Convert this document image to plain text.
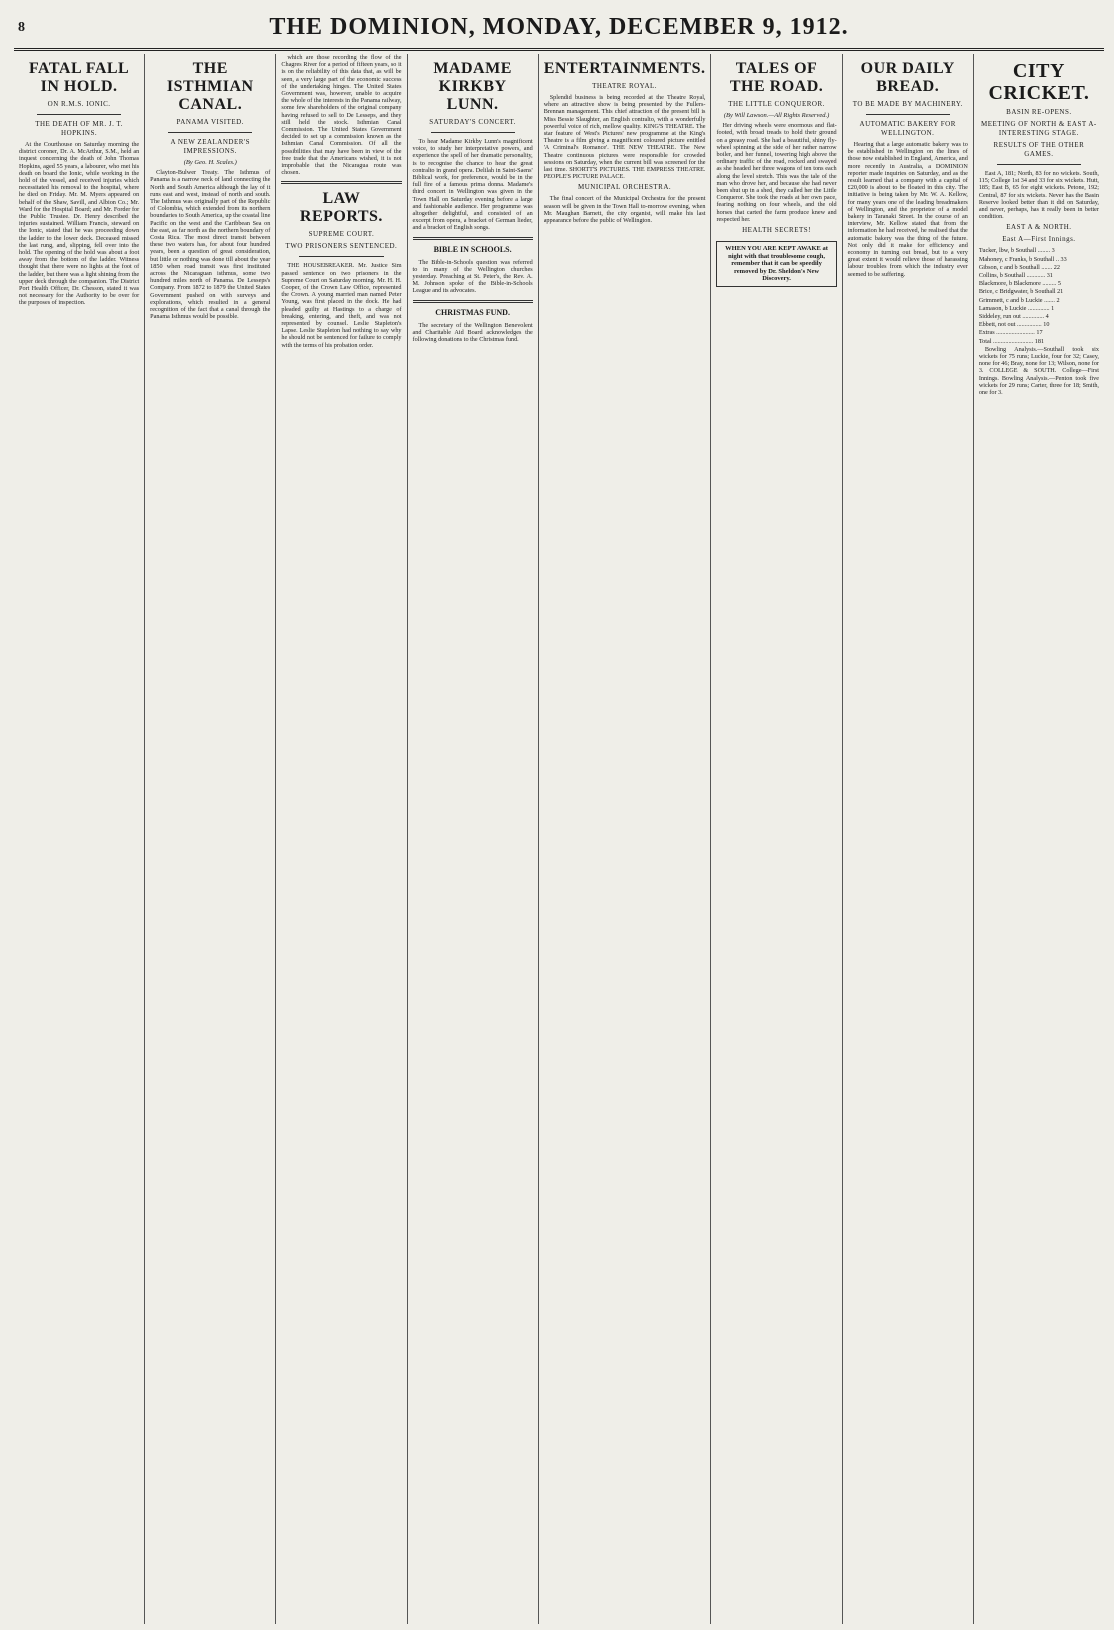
8	THE DOMINION, MONDAY, DECEMBER 9, 1912.
FATAL FALL IN HOLD.
ON R.M.S. IONIC.
THE DEATH OF MR. J. T. HOPKINS.
At the Courthouse on Saturday morning the district coroner, Dr. A. McArthur, S.M., held an inquest concerning the death of John Thomas Hopkins, aged 55 years, a labourer, who met his death on board the Ionic, while working in the hold of the vessel, and received injuries which necessitated his removal to the hospital, where he died on Friday. Mr. M. Myers appeared on behalf of the Shaw, Savill, and Albion Co.; Mr. Ward for the Hospital Board; and Mr. Forder for the Public Trustee. Dr. Henry described the injuries sustained. William Francis, steward on the Ionic, stated that he was proceeding down the ladder to the lower deck. Deceased missed the last rung, and, slipping, fell over into the hold. The opening of the hold was about a foot away from the bottom of the ladder. Witness thought that there were no lights at the foot of the ladder, but there was a light shining from the upper deck through the companion. The District Port Health Officer, Dr. Chesson, stated it was not necessary for the Authority to be over for the purposes of inspection.
THE ISTHMIAN CANAL.
PANAMA VISITED.
A NEW ZEALANDER'S IMPRESSIONS.
(By Geo. H. Scales.)
Clayton-Bulwer Treaty. The Isthmus of Panama is a narrow neck of land connecting the North and South America although the lay of it runs east and west, instead of north and south. The Isthmus was originally part of the Republic of Colombia, which extended from its northern boundaries to South America, up the coastal line Pacific on the west and the Caribbean Sea on the east, as far north as the northern boundary of Costa Rica. The most direct transit between these two waters has, for about four hundred years, been a question of great consideration, but little or nothing was done till about the year 1850 when road transit was first instituted across the Nicaraguan isthmus, some two hundred miles north of Panama. De Lesseps's Company. From 1872 to 1879 the United States Government pushed on with surveys and explorations, which resulted in a general recognition of the fact that a canal through the Panama Isthmus would be possible.
which are those recording the flow of the Chagres River for a period of fifteen years, so it is on the reliability of this data that, as will be seen, a very large part of the economic success of the undertaking hinges. The United States Government was, however, unable to acquire the whole of the interests in the Panama railway, some few shareholders of the original company having refused to sell to De Lesseps, and they still held the stock. Isthmian Canal Commission. The United States Government decided to set up a commission known as the Isthmian Canal Commission. Of all the possibilities that may have been in view of the free trade that the Americans wished, it is not improbable that the Nicaragua route was chosen.
LAW REPORTS.
SUPREME COURT.
TWO PRISONERS SENTENCED.
THE HOUSEBREAKER. Mr. Justice Sim passed sentence on two prisoners in the Supreme Court on Saturday morning. Mr. H. H. Cooper, of the Crown Law Office, represented the Crown. A young married man named Peter Young, was first placed in the dock. He had pleaded guilty at Hastings to a charge of breaking, entering, and theft, and was not represented by counsel. Leslie Stapleton's Lapse. Leslie Stapleton had nothing to say why he should not be sentenced for failure to comply with the terms of his probation order.
MADAME KIRKBY LUNN.
SATURDAY'S CONCERT.
To hear Madame Kirkby Lunn's magnificent voice, to study her interpretative powers, and experience the spell of her dramatic personality, is to recognise the chance to hear the great contralto in grand opera. Delilah in Saint-Saens' Biblical work, for preference, would be in the full fire of a famous prima donna. Madame's third concert in Wellington was given in the Town Hall on Saturday evening before a large and fashionable audience. Her programme was altogether delightful, and consisted of an excerpt from opera, a bracket of German lieder, and a bracket of English songs.
BIBLE IN SCHOOLS.
The Bible-in-Schools question was referred to in many of the Wellington churches yesterday. Preaching at St. Peter's, the Rev. A. M. Johnson spoke of the Bible-in-Schools League and its advocates.
CHRISTMAS FUND.
The secretary of the Wellington Benevolent and Charitable Aid Board acknowledges the following donations to the Christmas fund.
ENTERTAINMENTS.
THEATRE ROYAL.
Splendid business is being recorded at the Theatre Royal, where an attractive show is being presented by the Fullers-Brennan management. This chief attraction of the present bill is Miss Bessie Slaughter, an English contralto, with a wonderfully powerful voice of rich, mellow quality. KING'S THEATRE. The star feature of West's Pictures' new programme at the King's Theatre is a film giving a magnificent coloured picture entitled 'A Criminal's Romance'. THE NEW THEATRE. The New Theatre continuous pictures were responsible for crowded sessions on Saturday, when the current bill was screened for the last time. SHORTT'S PICTURES. THE EMPRESS THEATRE. PEOPLE'S PICTURE PALACE.
MUNICIPAL ORCHESTRA.
The final concert of the Municipal Orchestra for the present season will be given in the Town Hall to-morrow evening, when Mr. Maughan Barnett, the city organist, will make his last appearance before the public of Wellington.
TALES OF THE ROAD.
THE LITTLE CONQUEROR.
(By Will Lawson.—All Rights Reserved.)
Her driving wheels were enormous and flat-footed, with broad treads to hold their ground on a greasy road. She had a beautiful, shiny fly-wheel spinning at the side of her rather narrow boiler, and her funnel, towering high above the ordinary traffic of the road, rocked and swayed as she headed her three wagons of ten tons each along the level stretch. This was the tale of the man who drove her, and because she had never been shut up in a shed, they called her the Little Conqueror. She took the roads at her own pace, fearing nothing on four wheels, and the old horses that carted the farm produce knew and respected her.
HEALTH SECRETS!
WHEN YOU ARE KEPT AWAKE at night with that troublesome cough, remember that it can be speedily removed by Dr. Sheldon's New Discovery.
OUR DAILY BREAD.
TO BE MADE BY MACHINERY.
AUTOMATIC BAKERY FOR WELLINGTON.
Hearing that a large automatic bakery was to be established in Wellington on the lines of those now established in England, America, and more recently in Australia, a DOMINION reporter made inquiries on Saturday, and as the result learned that a company with a capital of £20,000 is about to be floated in this city. The initiative is being taken by Mr. W. A. Kellow, for many years one of the leading breadmakers of Wellington, and the proprietor of a model bakery in Taranaki Street. In the course of an interview, Mr. Kellow stated that from the information he had received, he realised that the automatic bakery was the thing of the future. Not only did it make for efficiency and economy in turning out bread, but to a very great extent it would relieve those of harassing labour troubles from which the industry ever seemed to be suffering.
CITY CRICKET.
BASIN RE-OPENS.
MEETING OF NORTH & EAST A-INTERESTING STAGE.
RESULTS OF THE OTHER GAMES.
East A, 181; North, 83 for no wickets. South, 115; College 1st 34 and 33 for six wickets. Hutt, 185; East B, 65 for eight wickets. Petone, 192; Central, 87 for six wickets. Never has the Basin Reserve looked better than it did on Saturday, and never, perhaps, has it really been in better condition.
EAST A & NORTH.
East A—First Innings.
Tucker, lbw, b Southall ........ 3
Mahoney, c Franks, b Southall .. 33
Gibson, c and b Southall ....... 22
Collins, b Southall ............ 31
Blackmore, b Blackmore ......... 5
Brice, c Bridgwater, b Southall 21
Grimmett, c and b Luckie ....... 2
Lamason, b Luckie .............. 1
Siddeley, run out .............. 4
Ebbett, not out ................ 10
Extras ......................... 17
Total .......................... 181
Bowling Analysis.—Southall took six wickets for 75 runs; Luckie, four for 32; Casey, none for 46; Bray, none for 13; Wilson, none for 3. COLLEGE & SOUTH. College—First Innings. Bowling Analysis.—Penton took five wickets for 29 runs; Carter, three for 18; Smith, one for 3.
